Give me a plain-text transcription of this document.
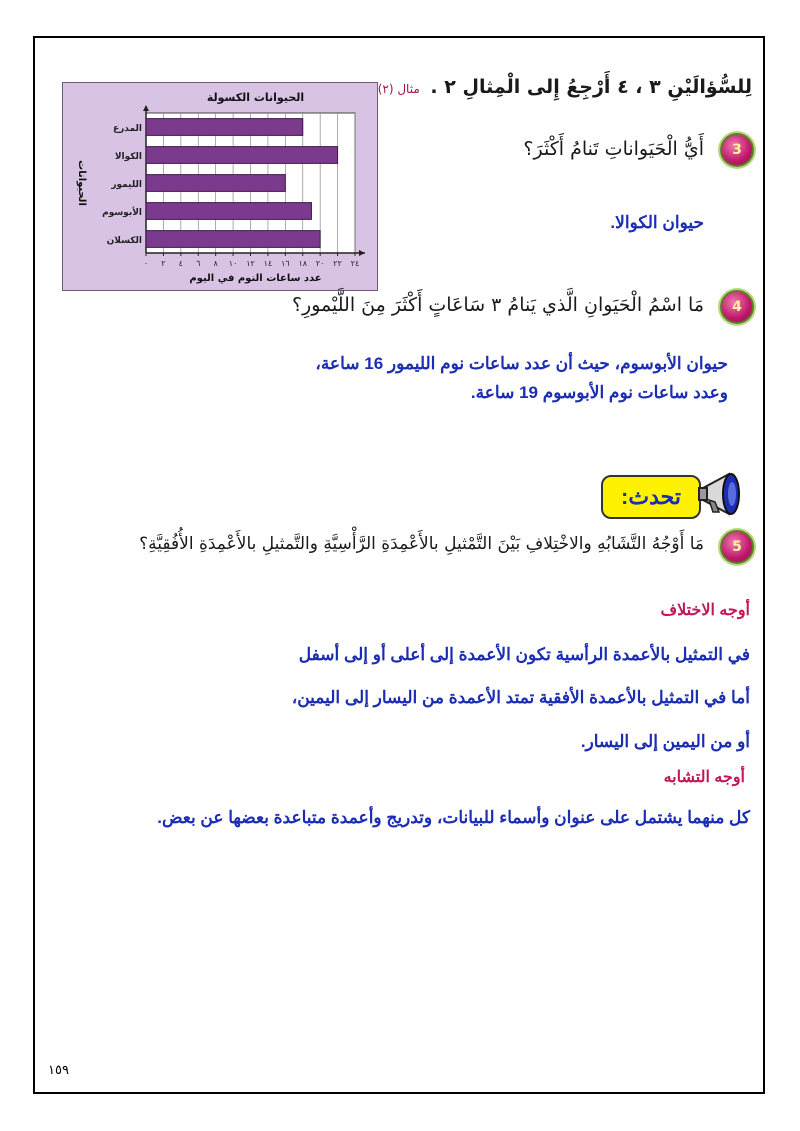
لِلسُّؤالَيْنِ ٣ ، ٤ أَرْجِعُ إِلى الْمِثالِ ٢ . مثال (٢)
المدرع
الكوالا
الليمور
الأبوسوم
الكسلان
٠ ٢ ٤ ٦ ٨ ١٠ ١٢ ١٤ ١٦ ١٨ ٢٠ ٢٢ ٢٤
الحيوانات الكسولة
عدد ساعات النوم في اليوم
الحيوانات
3
أَيُّ الْحَيَواناتِ تَنامُ أَكْثَرَ؟
حيوان الكوالا.
4
مَا اسْمُ الْحَيَوانِ الَّذي يَنامُ ٣ سَاعَاتٍ أَكْثَرَ مِنَ اللَّيْمورِ؟
حيوان الأبوسوم، حيث أن عدد ساعات نوم الليمور 16 ساعة،
وعدد ساعات نوم الأبوسوم 19 ساعة.
تحدث:
5
مَا أَوْجُهُ التَّشَابُهِ والاخْتِلافِ بَيْنَ التَّمْثيلِ بالأَعْمِدَةِ الرَّأْسِيَّةِ والتَّمثيلِ بالأَعْمِدَةِ الأُفُقِيَّةِ؟
أوجه الاختلاف
في التمثيل بالأعمدة الرأسية تكون الأعمدة إلى أعلى أو إلى أسفل
أما في التمثيل بالأعمدة الأفقية تمتد الأعمدة من اليسار إلى اليمين،
أو من اليمين إلى اليسار.
أوجه التشابه
كل منهما يشتمل على عنوان وأسماء للبيانات، وتدريج وأعمدة متباعدة بعضها عن بعض.
١٥٩
